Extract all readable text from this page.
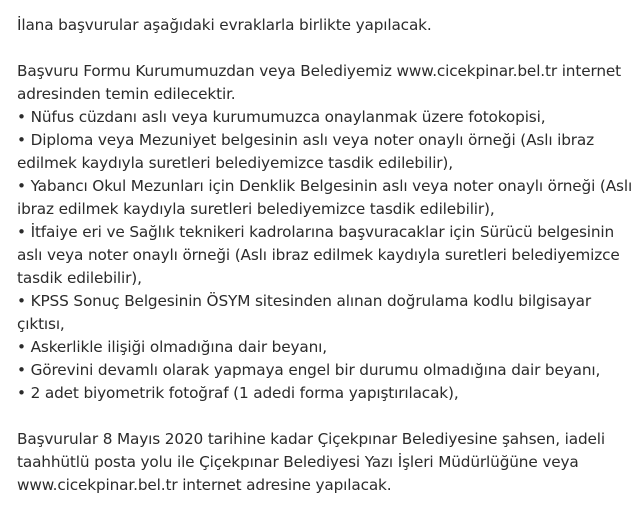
İlana başvurular aşağıdaki evraklarla birlikte yapılacak.

Başvuru Formu Kurumumuzdan veya Belediyemiz www.cicekpinar.bel.tr internet adresinden temin edilecektir.

• Nüfus cüzdanı aslı veya kurumumuzca onaylanmak üzere fotokopisi,

• Diploma veya Mezuniyet belgesinin aslı veya noter onaylı örneği (Aslı ibraz edilmek kaydıyla suretleri belediyemizce tasdik edilebilir),

• Yabancı Okul Mezunları için Denklik Belgesinin aslı veya noter onaylı örneği (Aslı ibraz edilmek kaydıyla suretleri belediyemizce tasdik edilebilir),

• İtfaiye eri ve Sağlık teknikeri kadrolarına başvuracaklar için Sürücü belgesinin aslı veya noter onaylı örneği (Aslı ibraz edilmek kaydıyla suretleri belediyemizce tasdik edilebilir),

• KPSS Sonuç Belgesinin ÖSYM sitesinden alınan doğrulama kodlu bilgisayar çıktısı,

• Askerlikle ilişiği olmadığına dair beyanı,

• Görevini devamlı olarak yapmaya engel bir durumu olmadığına dair beyanı,

• 2 adet biyometrik fotoğraf (1 adedi forma yapıştırılacak),

Başvurular 8 Mayıs 2020 tarihine kadar Çiçekpınar Belediyesine şahsen, iadeli taahhütlü posta yolu ile Çiçekpınar Belediyesi Yazı İşleri Müdürlüğüne veya www.cicekpinar.bel.tr internet adresine yapılacak.
